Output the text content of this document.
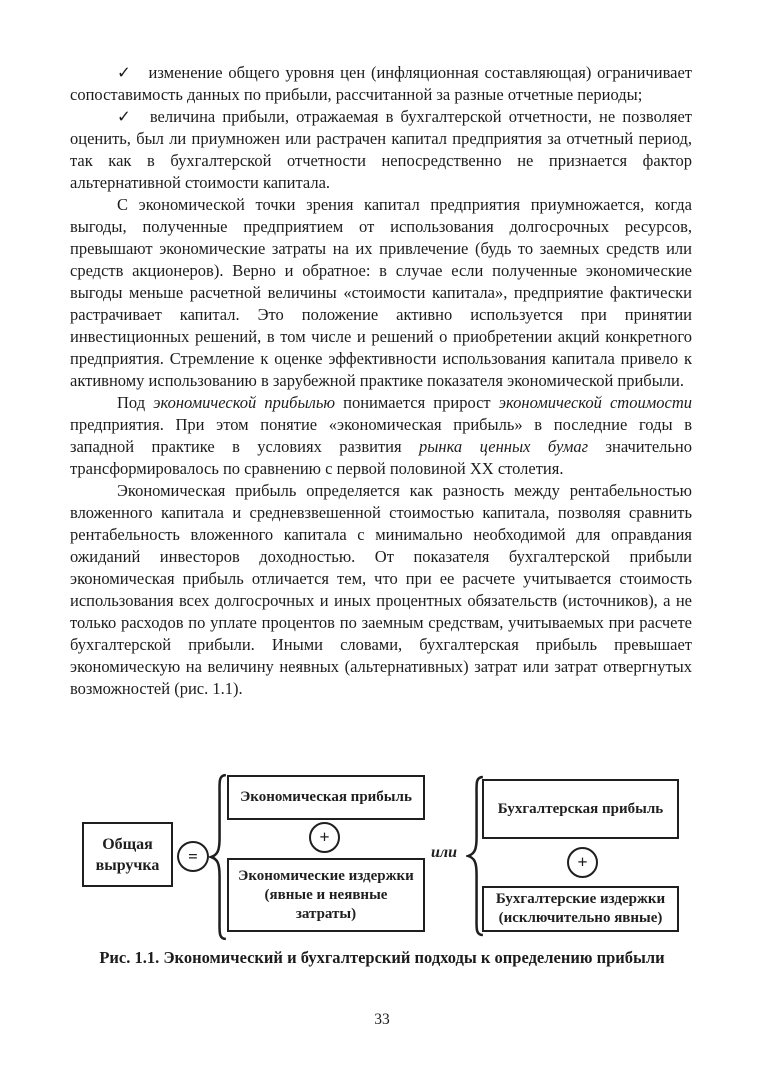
✓ изменение общего уровня цен (инфляционная составляющая) ограничивает сопоставимость данных по прибыли, рассчитанной за разные отчетные периоды;

✓ величина прибыли, отражаемая в бухгалтерской отчетности, не позволяет оценить, был ли приумножен или растрачен капитал предприятия за отчетный период, так как в бухгалтерской отчетности непосредственно не признается фактор альтернативной стоимости капитала.

С экономической точки зрения капитал предприятия приумножается, когда выгоды, полученные предприятием от использования долгосрочных ресурсов, превышают экономические затраты на их привлечение (будь то заемных средств или средств акционеров). Верно и обратное: в случае если полученные экономические выгоды меньше расчетной величины «стоимости капитала», предприятие фактически растрачивает капитал. Это положение активно используется при принятии инвестиционных решений, в том числе и решений о приобретении акций конкретного предприятия. Стремление к оценке эффективности использования капитала привело к активному использованию в зарубежной практике показателя экономической прибыли.

Под экономической прибылью понимается прирост экономической стоимости предприятия. При этом понятие «экономическая прибыль» в последние годы в западной практике в условиях развития рынка ценных бумаг значительно трансформировалось по сравнению с первой половиной XX столетия.

Экономическая прибыль определяется как разность между рентабельностью вложенного капитала и средневзвешенной стоимостью капитала, позволяя сравнить рентабельность вложенного капитала с минимально необходимой для оправдания ожиданий инвесторов доходностью. От показателя бухгалтерской прибыли экономическая прибыль отличается тем, что при ее расчете учитывается стоимость использования всех долгосрочных и иных процентных обязательств (источников), а не только расходов по уплате процентов по заемным средствам, учитываемых при расчете бухгалтерской прибыли. Иными словами, бухгалтерская прибыль превышает экономическую на величину неявных (альтернативных) затрат или затрат отвергнутых возможностей (рис. 1.1).

Общая выручка	=
Экономическая прибыль
+
Экономические издержки (явные и неявные затраты)
или
Бухгалтерская прибыль
+
Бухгалтерские издержки (исключительно явные)
Рис. 1.1. Экономический и бухгалтерский подходы к определению прибыли
33
